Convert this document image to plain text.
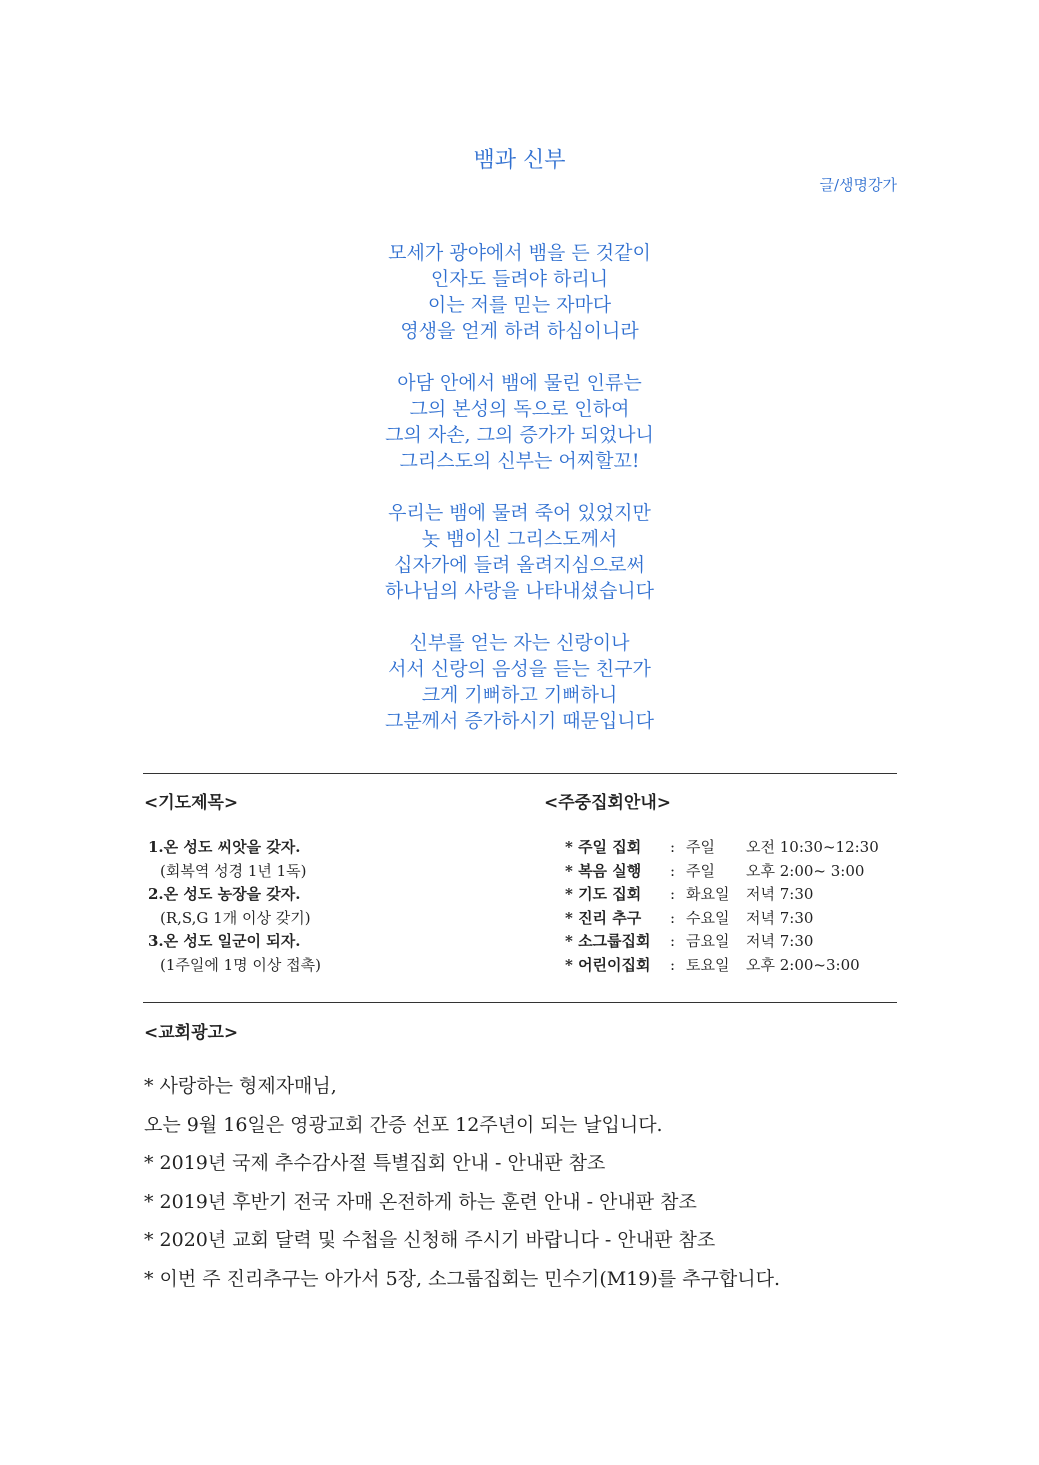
뱀과 신부
글/생명강가
모세가 광야에서 뱀을 든 것같이
인자도 들려야 하리니
이는 저를 믿는 자마다
영생을 얻게 하려 하심이니라
아담 안에서 뱀에 물린 인류는
그의 본성의 독으로 인하여
그의 자손, 그의 증가가 되었나니
그리스도의 신부는 어찌할꼬!
우리는 뱀에 물려 죽어 있었지만
놋 뱀이신 그리스도께서
십자가에 들려 올려지심으로써
하나님의 사랑을 나타내셨습니다
신부를 얻는 자는 신랑이나
서서 신랑의 음성을 듣는 친구가
크게 기뻐하고 기뻐하니
그분께서 증가하시기 때문입니다
<기도제목>	<주중집회안내>
1.온 성도 씨앗을 갖자.
(회복역 성경 1년 1독)
2.온 성도 농장을 갖자.
(R,S,G 1개 이상 갖기)
3.온 성도 일군이 되자.
(1주일에 1명 이상 접촉)
* 주일 집회	: 주일	오전 10:30~12:30
* 복음 실행	: 주일	오후 2:00~ 3:00
* 기도 집회	: 화요일	저녁 7:30
* 진리 추구	: 수요일	저녁 7:30
* 소그룹집회	: 금요일	저녁 7:30
* 어린이집회	: 토요일	오후 2:00~3:00
<교회광고>
* 사랑하는 형제자매님,
오는 9월 16일은 영광교회 간증 선포 12주년이 되는 날입니다.
* 2019년 국제 추수감사절 특별집회 안내 - 안내판 참조
* 2019년 후반기 전국 자매 온전하게 하는 훈련 안내 - 안내판 참조
* 2020년 교회 달력 및 수첩을 신청해 주시기 바랍니다 - 안내판 참조
* 이번 주 진리추구는 아가서 5장, 소그룹집회는 민수기(M19)를 추구합니다.
